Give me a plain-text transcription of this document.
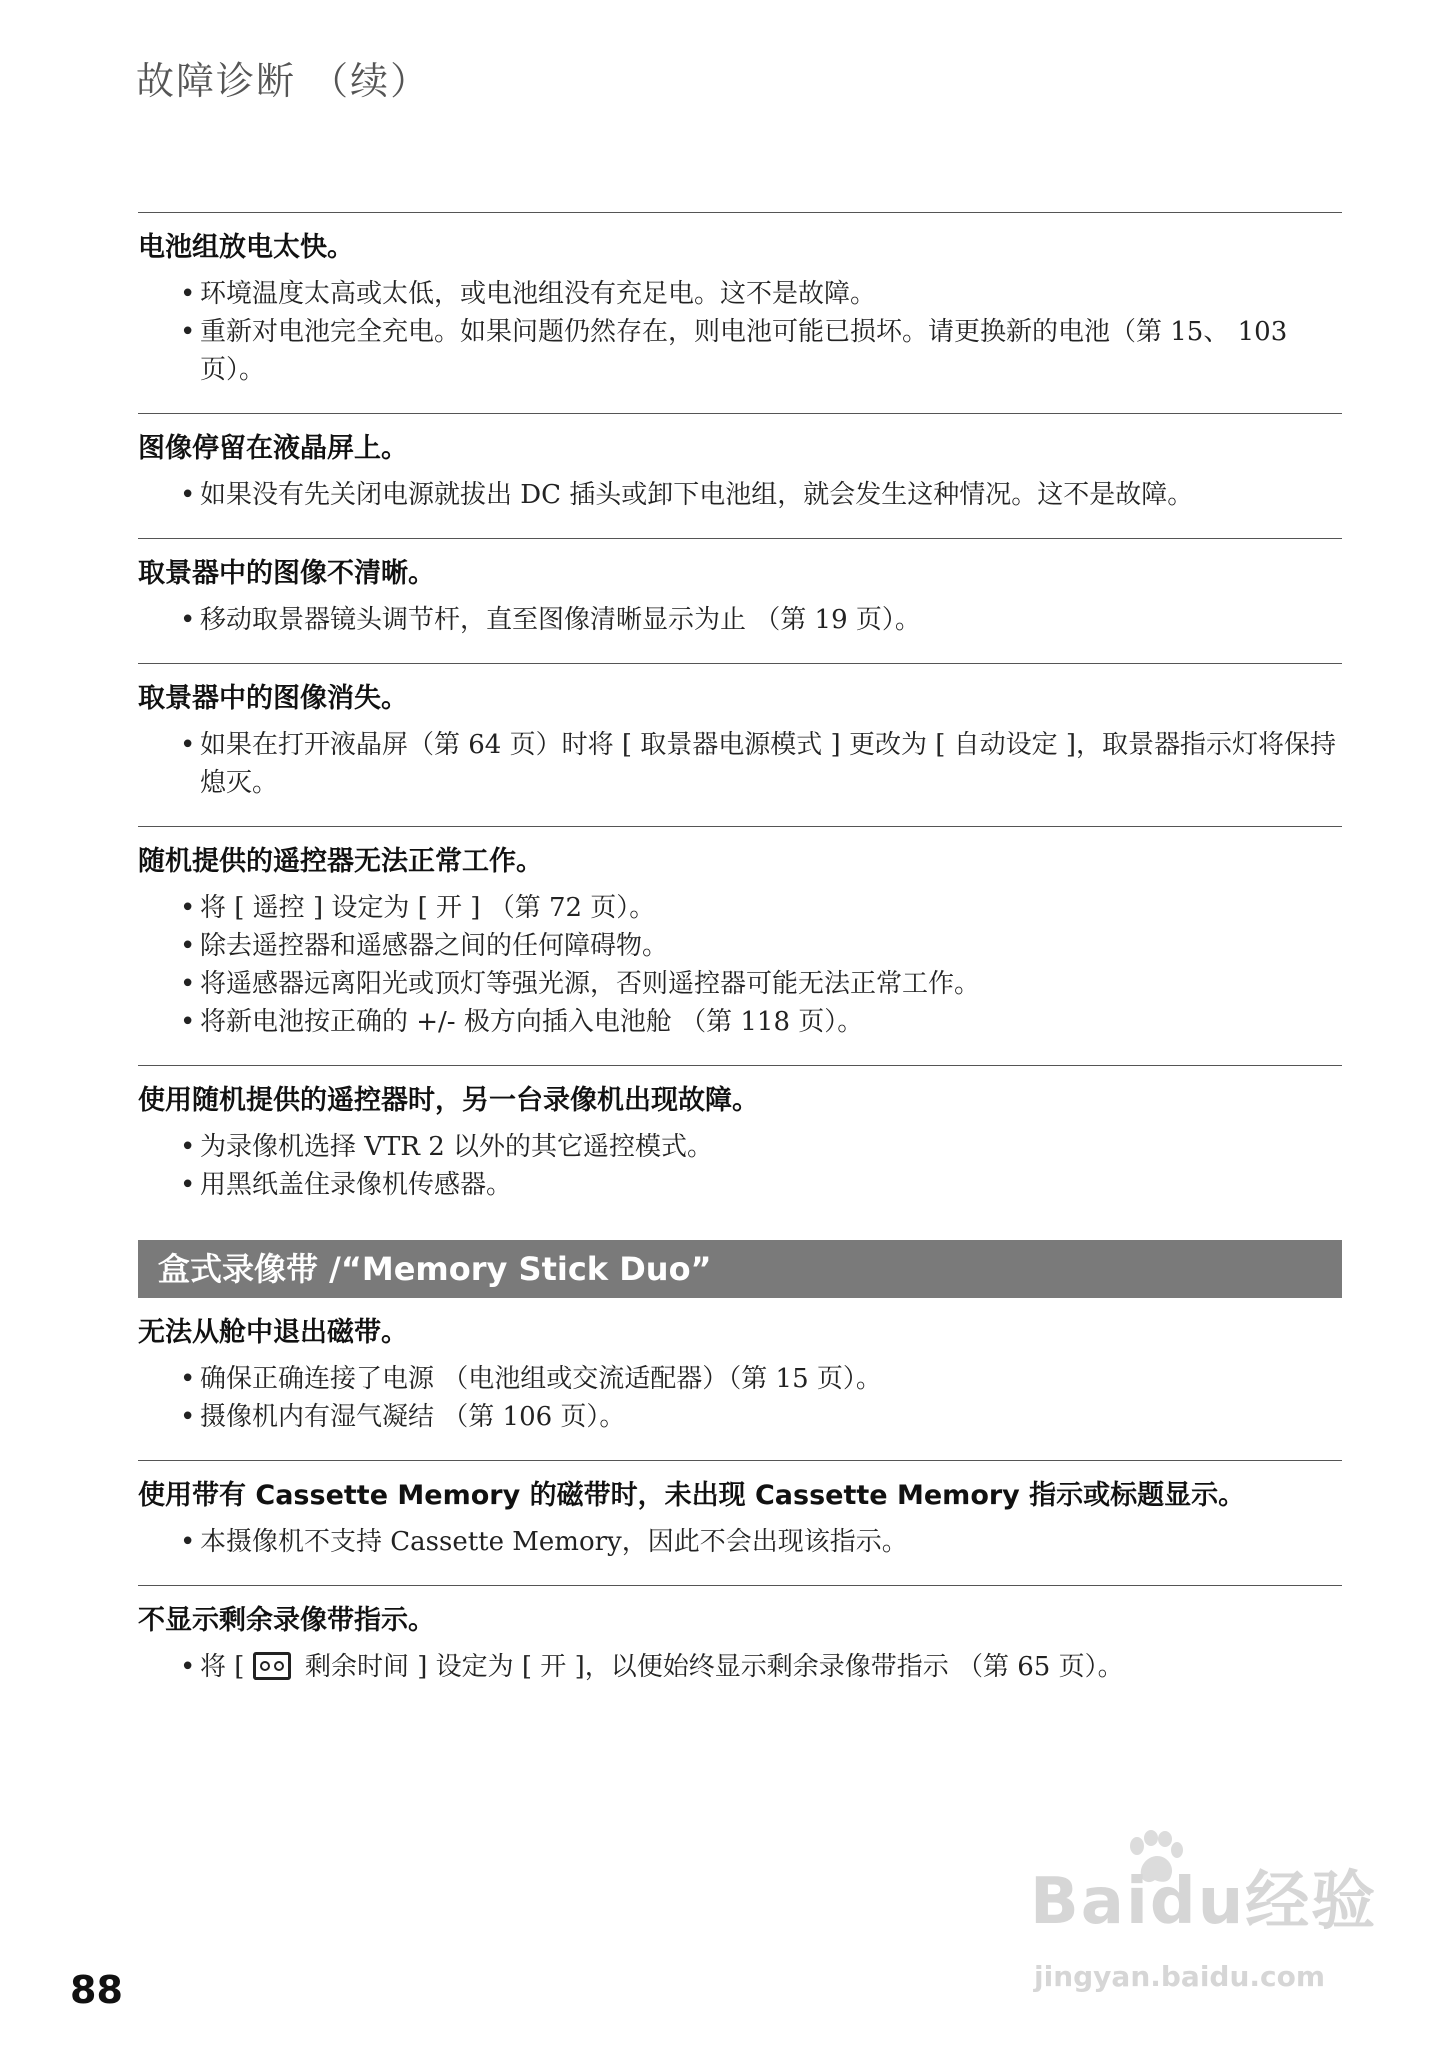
故障诊断 （续）
电池组放电太快。
• 环境温度太高或太低，或电池组没有充足电。这不是故障。
• 重新对电池完全充电。如果问题仍然存在，则电池可能已损坏。请更换新的电池（第 15、 103 页）。
图像停留在液晶屏上。
• 如果没有先关闭电源就拔出 DC 插头或卸下电池组，就会发生这种情况。这不是故障。
取景器中的图像不清晰。
• 移动取景器镜头调节杆，直至图像清晰显示为止 （第 19 页）。
取景器中的图像消失。
• 如果在打开液晶屏（第 64 页）时将 [ 取景器电源模式 ] 更改为 [ 自动设定 ]，取景器指示灯将保持熄灭。
随机提供的遥控器无法正常工作。
• 将 [ 遥控 ] 设定为 [ 开 ] （第 72 页）。
• 除去遥控器和遥感器之间的任何障碍物。
• 将遥感器远离阳光或顶灯等强光源，否则遥控器可能无法正常工作。
• 将新电池按正确的 +/- 极方向插入电池舱 （第 118 页）。
使用随机提供的遥控器时，另一台录像机出现故障。
• 为录像机选择 VTR 2 以外的其它遥控模式。
• 用黑纸盖住录像机传感器。
盒式录像带 /“Memory Stick Duo”
无法从舱中退出磁带。
• 确保正确连接了电源 （电池组或交流适配器）（第 15 页）。
• 摄像机内有湿气凝结 （第 106 页）。
使用带有 Cassette Memory 的磁带时，未出现 Cassette Memory 指示或标题显示。
• 本摄像机不支持 Cassette Memory，因此不会出现该指示。
不显示剩余录像带指示。
• 将 [ 剩余时间 ] 设定为 [ 开 ]，以便始终显示剩余录像带指示 （第 65 页）。
88
Baidu经验
jingyan.baidu.com
